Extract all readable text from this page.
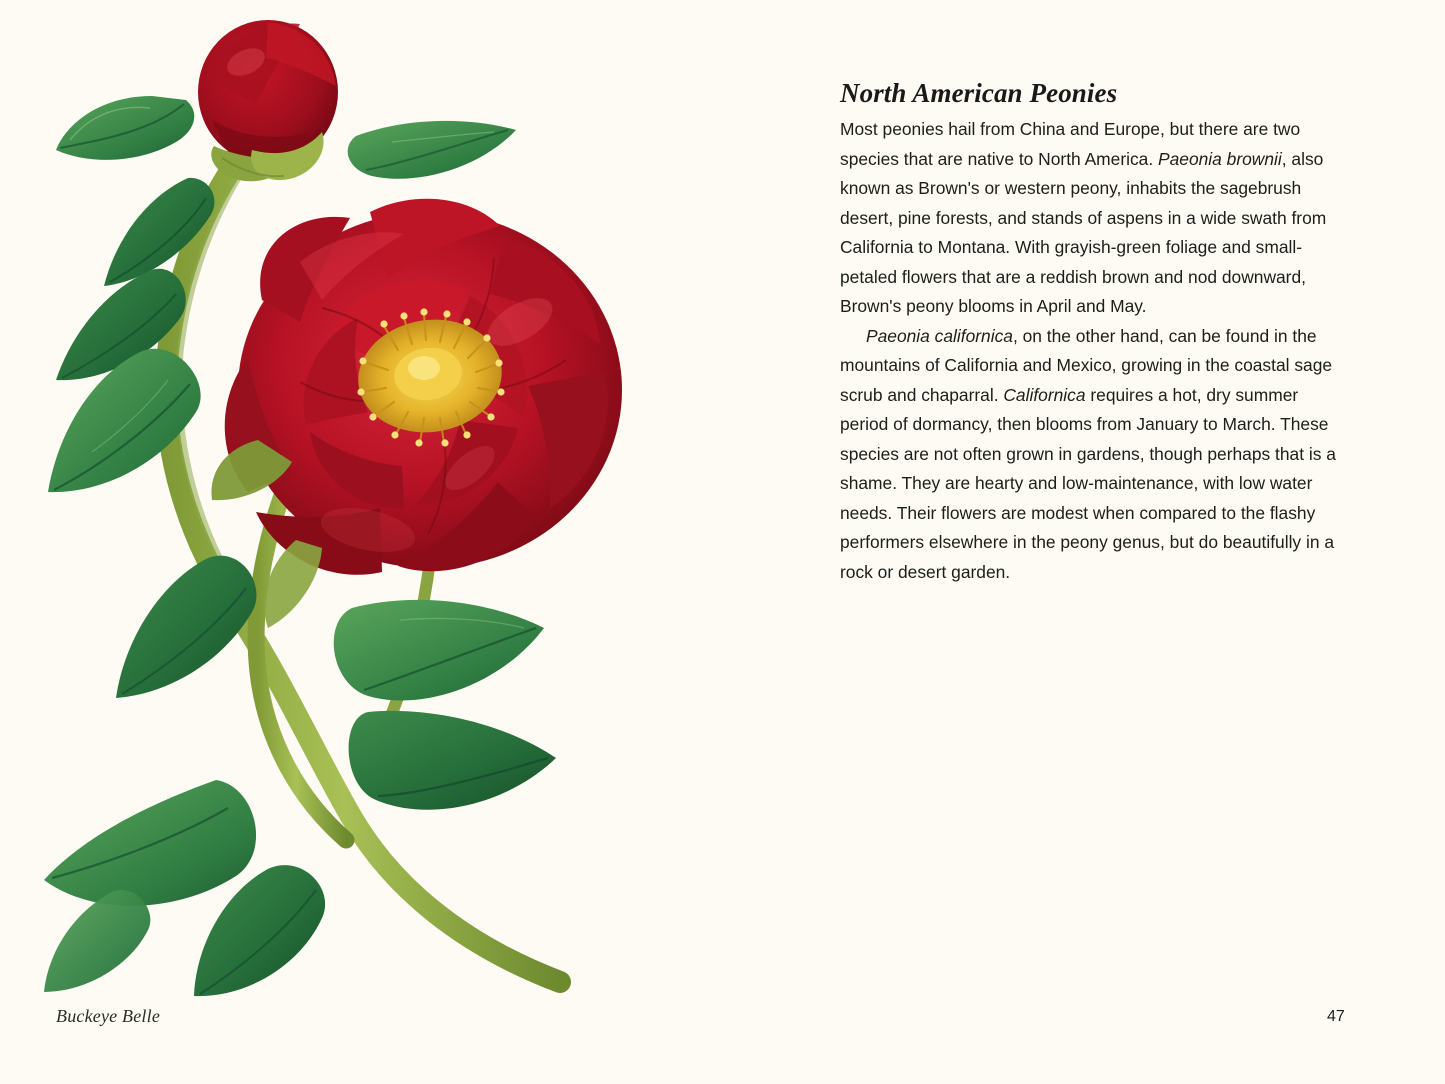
Buckeye Belle
North American Peonies

Most peonies hail from China and Europe, but there are two species that are native to North America. Paeonia brownii, also known as Brown's or western peony, inhabits the sagebrush desert, pine forests, and stands of aspens in a wide swath from California to Montana. With grayish-green foliage and small-petaled flowers that are a reddish brown and nod downward, Brown's peony blooms in April and May.

Paeonia californica, on the other hand, can be found in the mountains of California and Mexico, growing in the coastal sage scrub and chaparral. Californica requires a hot, dry summer period of dormancy, then blooms from January to March. These species are not often grown in gardens, though perhaps that is a shame. They are hearty and low-maintenance, with low water needs. Their flowers are modest when compared to the flashy performers elsewhere in the peony genus, but do beautifully in a rock or desert garden.

47
